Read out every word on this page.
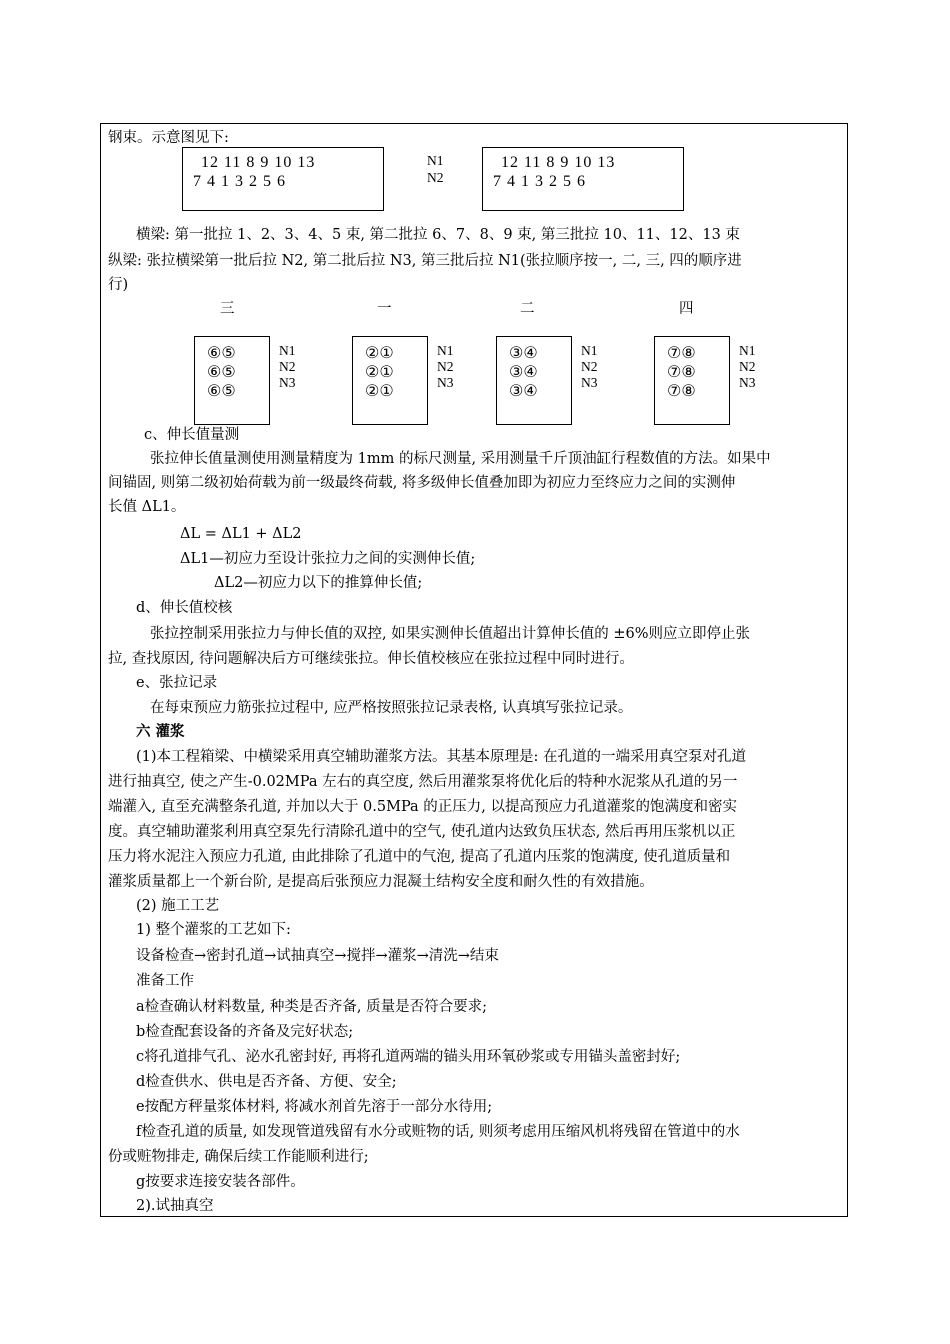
钢束。示意图见下:
12 11 8 9 10 13
7 4 1 3 2 5 6
N1
N2
12 11 8 9 10 13
7 4 1 3 2 5 6
横梁: 第一批拉 1、2、3、4、5 束, 第二批拉 6、7、8、9 束, 第三批拉 10、11、12、13 束
纵梁: 张拉横梁第一批后拉 N2, 第二批后拉 N3, 第三批后拉 N1(张拉顺序按一, 二, 三, 四的顺序进
行)
三
⑥⑤
⑥⑤
⑥⑤
N1
N2
N3
一
②①
②①
②①
N1
N2
N3
二
③④
③④
③④
N1
N2
N3
四
⑦⑧
⑦⑧
⑦⑧
N1
N2
N3
c、伸长值量测
张拉伸长值量测使用测量精度为 1mm 的标尺测量, 采用测量千斤顶油缸行程数值的方法。如果中
间锚固, 则第二级初始荷载为前一级最终荷载, 将多级伸长值叠加即为初应力至终应力之间的实测伸
长值 ΔL1。
ΔL = ΔL1 + ΔL2
ΔL1—初应力至设计张拉力之间的实测伸长值;
ΔL2—初应力以下的推算伸长值;
d、伸长值校核
张拉控制采用张拉力与伸长值的双控, 如果实测伸长值超出计算伸长值的 ±6%则应立即停止张
拉, 查找原因, 待问题解决后方可继续张拉。伸长值校核应在张拉过程中同时进行。
e、张拉记录
在每束预应力筋张拉过程中, 应严格按照张拉记录表格, 认真填写张拉记录。
六 灌浆
(1)本工程箱梁、中横梁采用真空辅助灌浆方法。其基本原理是: 在孔道的一端采用真空泵对孔道
进行抽真空, 使之产生-0.02MPa 左右的真空度, 然后用灌浆泵将优化后的特种水泥浆从孔道的另一
端灌入, 直至充满整条孔道, 并加以大于 0.5MPa 的正压力, 以提高预应力孔道灌浆的饱满度和密实
度。真空辅助灌浆利用真空泵先行清除孔道中的空气, 使孔道内达致负压状态, 然后再用压浆机以正
压力将水泥注入预应力孔道, 由此排除了孔道中的气泡, 提高了孔道内压浆的饱满度, 使孔道质量和
灌浆质量都上一个新台阶, 是提高后张预应力混凝土结构安全度和耐久性的有效措施。
(2) 施工工艺
1) 整个灌浆的工艺如下:
设备检查→密封孔道→试抽真空→搅拌→灌浆→清洗→结束
准备工作
a检查确认材料数量, 种类是否齐备, 质量是否符合要求;
b检查配套设备的齐备及完好状态;
c将孔道排气孔、泌水孔密封好, 再将孔道两端的锚头用环氧砂浆或专用锚头盖密封好;
d检查供水、供电是否齐备、方便、安全;
e按配方秤量浆体材料, 将减水剂首先溶于一部分水待用;
f检查孔道的质量, 如发现管道残留有水分或赃物的话, 则须考虑用压缩风机将残留在管道中的水
份或赃物排走, 确保后续工作能顺利进行;
g按要求连接安装各部件。
2).试抽真空
